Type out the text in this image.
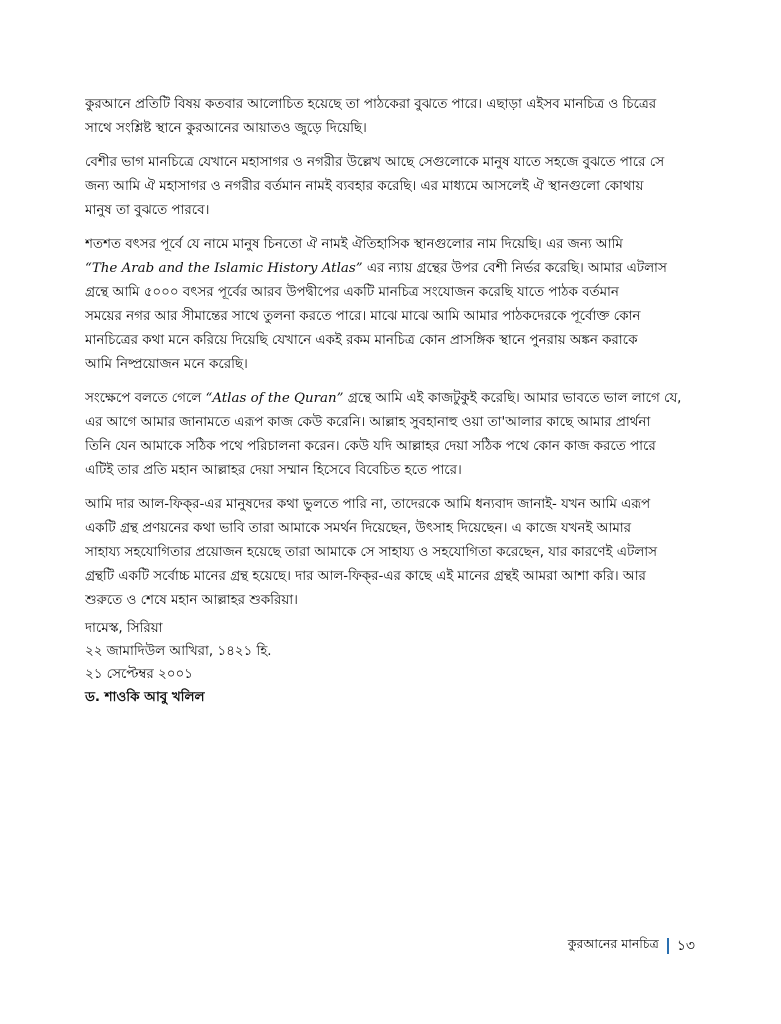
কুরআনে প্রতিটি বিষয় কতবার আলোচিত হয়েছে তা পাঠকেরা বুঝতে পারে। এছাড়া এইসব মানচিত্র ও চিত্রের
সাথে সংশ্লিষ্ট স্থানে কুরআনের আয়াতও জুড়ে দিয়েছি।
বেশীর ভাগ মানচিত্রে যেখানে মহাসাগর ও নগরীর উল্লেখ আছে সেগুলোকে মানুষ যাতে সহজে বুঝতে পারে সে
জন্য আমি ঐ মহাসাগর ও নগরীর বর্তমান নামই ব্যবহার করেছি। এর মাধ্যমে আসলেই ঐ স্থানগুলো কোথায়
মানুষ তা বুঝতে পারবে।
শতশত বৎসর পূর্বে যে নামে মানুষ চিনতো ঐ নামই ঐতিহাসিক স্থানগুলোর নাম দিয়েছি। এর জন্য আমি
“The Arab and the Islamic History Atlas” এর ন্যায় গ্রন্থের উপর বেশী নির্ভর করেছি। আমার এটলাস
গ্রন্থে আমি ৫০০০ বৎসর পূর্বের আরব উপদ্বীপের একটি মানচিত্র সংযোজন করেছি যাতে পাঠক বর্তমান
সময়ের নগর আর সীমান্তের সাথে তুলনা করতে পারে। মাঝে মাঝে আমি আমার পাঠকদেরকে পূর্বোক্ত কোন
মানচিত্রের কথা মনে করিয়ে দিয়েছি যেখানে একই রকম মানচিত্র কোন প্রাসঙ্গিক স্থানে পুনরায় অঙ্কন করাকে
আমি নিষ্প্রয়োজন মনে করেছি।
সংক্ষেপে বলতে গেলে “Atlas of the Quran” গ্রন্থে আমি এই কাজটুকুই করেছি। আমার ভাবতে ভাল লাগে যে,
এর আগে আমার জানামতে এরূপ কাজ কেউ করেনি। আল্লাহ সুবহানাহু ওয়া তা'আলার কাছে আমার প্রার্থনা
তিনি যেন আমাকে সঠিক পথে পরিচালনা করেন। কেউ যদি আল্লাহর দেয়া সঠিক পথে কোন কাজ করতে পারে
এটিই তার প্রতি মহান আল্লাহর দেয়া সম্মান হিসেবে বিবেচিত হতে পারে।
আমি দার আল-ফিক্‌র-এর মানুষদের কথা ভুলতে পারি না, তাদেরকে আমি ধন্যবাদ জানাই- যখন আমি এরূপ
একটি গ্রন্থ প্রণয়নের কথা ভাবি তারা আমাকে সমর্থন দিয়েছেন, উৎসাহ দিয়েছেন। এ কাজে যখনই আমার
সাহায্য সহযোগিতার প্রয়োজন হয়েছে তারা আমাকে সে সাহায্য ও সহযোগিতা করেছেন, যার কারণেই এটলাস
গ্রন্থটি একটি সর্বোচ্চ মানের গ্রন্থ হয়েছে। দার আল-ফিক্‌র-এর কাছে এই মানের গ্রন্থই আমরা আশা করি। আর
শুরুতে ও শেষে মহান আল্লাহর শুকরিয়া।
দামেস্ক, সিরিয়া
২২ জামাদিউল আখিরা, ১৪২১ হি.
২১ সেপ্টেম্বর ২০০১
ড. শাওকি আবু খলিল
কুরআনের মানচিত্র ১৩
